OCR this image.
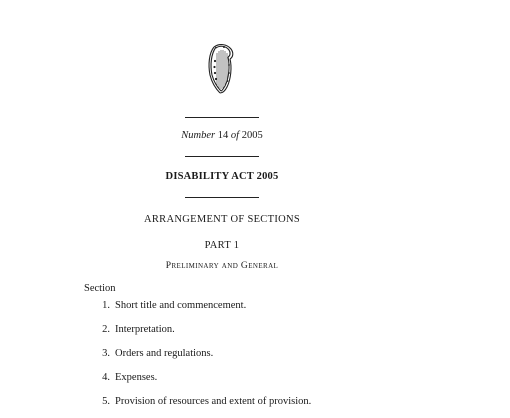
Number 14 of 2005
DISABILITY ACT 2005
ARRANGEMENT OF SECTIONS
PART 1
Preliminary and General
Section
1. Short title and commencement.
2. Interpretation.
3. Orders and regulations.
4. Expenses.
5. Provision of resources and extent of provision.
